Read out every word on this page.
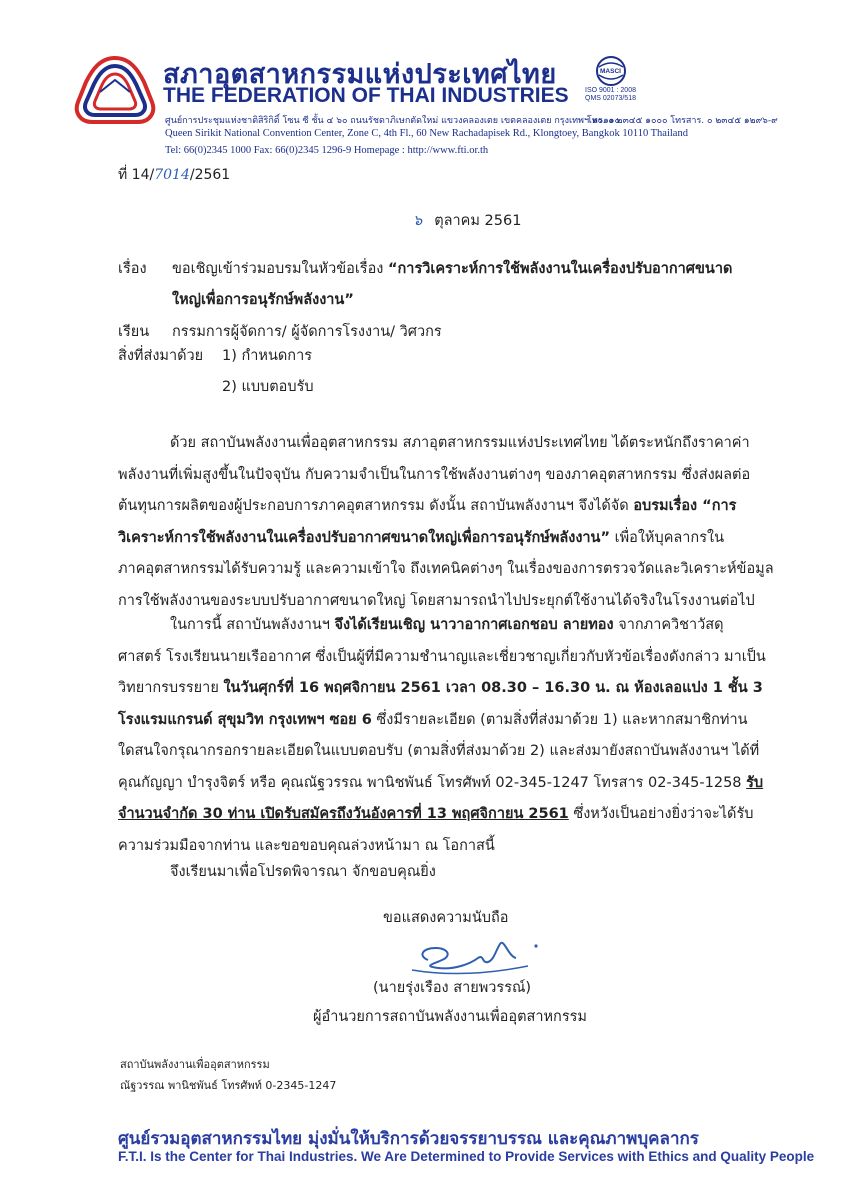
สภาอุตสาหกรรมแห่งประเทศไทย
THE FEDERATION OF THAI INDUSTRIES
MASCI
ISO 9001 : 2008
QMS 02073/518
ศูนย์การประชุมแห่งชาติสิริกิติ์ โซน ซี ชั้น ๔ ๖๐ ถนนรัชดาภิเษกตัดใหม่ แขวงคลองเตย เขตคลองเตย กรุงเทพฯ ๑๐๑๑๐
โทร. ๐ ๒๓๔๕ ๑๐๐๐ โทรสาร. ๐ ๒๓๔๕ ๑๒๙๖-๙
Queen Sirikit National Convention Center, Zone C, 4th Fl., 60 New Rachadapisek Rd., Klongtoey, Bangkok 10110 Thailand
Tel: 66(0)2345 1000 Fax: 66(0)2345 1296-9 Homepage : http://www.fti.or.th
ที่ 14/7014/2561
๖ ตุลาคม 2561
เรื่อง ขอเชิญเข้าร่วมอบรมในหัวข้อเรื่อง “การวิเคราะห์การใช้พลังงานในเครื่องปรับอากาศขนาด
ใหญ่เพื่อการอนุรักษ์พลังงาน”
เรียน กรรมการผู้จัดการ/ ผู้จัดการโรงงาน/ วิศวกร
สิ่งที่ส่งมาด้วย 1) กำหนดการ
2) แบบตอบรับ
ด้วย สถาบันพลังงานเพื่ออุตสาหกรรม สภาอุตสาหกรรมแห่งประเทศไทย ได้ตระหนักถึงราคาค่า
พลังงานที่เพิ่มสูงขึ้นในปัจจุบัน กับความจำเป็นในการใช้พลังงานต่างๆ ของภาคอุตสาหกรรม ซึ่งส่งผลต่อ
ต้นทุนการผลิตของผู้ประกอบการภาคอุตสาหกรรม ดังนั้น สถาบันพลังงานฯ จึงได้จัด อบรมเรื่อง “การ
วิเคราะห์การใช้พลังงานในเครื่องปรับอากาศขนาดใหญ่เพื่อการอนุรักษ์พลังงาน” เพื่อให้บุคลากรใน
ภาคอุตสาหกรรมได้รับความรู้ และความเข้าใจ ถึงเทคนิคต่างๆ ในเรื่องของการตรวจวัดและวิเคราะห์ข้อมูล
การใช้พลังงานของระบบปรับอากาศขนาดใหญ่ โดยสามารถนำไปประยุกต์ใช้งานได้จริงในโรงงานต่อไป
ในการนี้ สถาบันพลังงานฯ จึงได้เรียนเชิญ นาวาอากาศเอกชอบ ลายทอง จากภาควิชาวัสดุ
ศาสตร์ โรงเรียนนายเรืออากาศ ซึ่งเป็นผู้ที่มีความชำนาญและเชี่ยวชาญเกี่ยวกับหัวข้อเรื่องดังกล่าว มาเป็น
วิทยากรบรรยาย ในวันศุกร์ที่ 16 พฤศจิกายน 2561 เวลา 08.30 – 16.30 น. ณ ห้องเลอแปง 1 ชั้น 3
โรงแรมแกรนด์ สุขุมวิท กรุงเทพฯ ซอย 6 ซึ่งมีรายละเอียด (ตามสิ่งที่ส่งมาด้วย 1) และหากสมาชิกท่าน
ใดสนใจกรุณากรอกรายละเอียดในแบบตอบรับ (ตามสิ่งที่ส่งมาด้วย 2) และส่งมายังสถาบันพลังงานฯ ได้ที่
คุณกัญญา บำรุงจิตร์ หรือ คุณณัฐวรรณ พานิชพันธ์ โทรศัพท์ 02-345-1247 โทรสาร 02-345-1258 รับ
จำนวนจำกัด 30 ท่าน เปิดรับสมัครถึงวันอังคารที่ 13 พฤศจิกายน 2561 ซึ่งหวังเป็นอย่างยิ่งว่าจะได้รับ
ความร่วมมือจากท่าน และขอขอบคุณล่วงหน้ามา ณ โอกาสนี้
จึงเรียนมาเพื่อโปรดพิจารณา จักขอบคุณยิ่ง
ขอแสดงความนับถือ
(นายรุ่งเรือง สายพวรรณ์)
ผู้อำนวยการสถาบันพลังงานเพื่ออุตสาหกรรม
สถาบันพลังงานเพื่ออุตสาหกรรม
ณัฐวรรณ พานิชพันธ์ โทรศัพท์ 0-2345-1247
ศูนย์รวมอุตสาหกรรมไทย มุ่งมั่นให้บริการด้วยจรรยาบรรณ และคุณภาพบุคลากร
F.T.I. Is the Center for Thai Industries. We Are Determined to Provide Services with Ethics and Quality People
